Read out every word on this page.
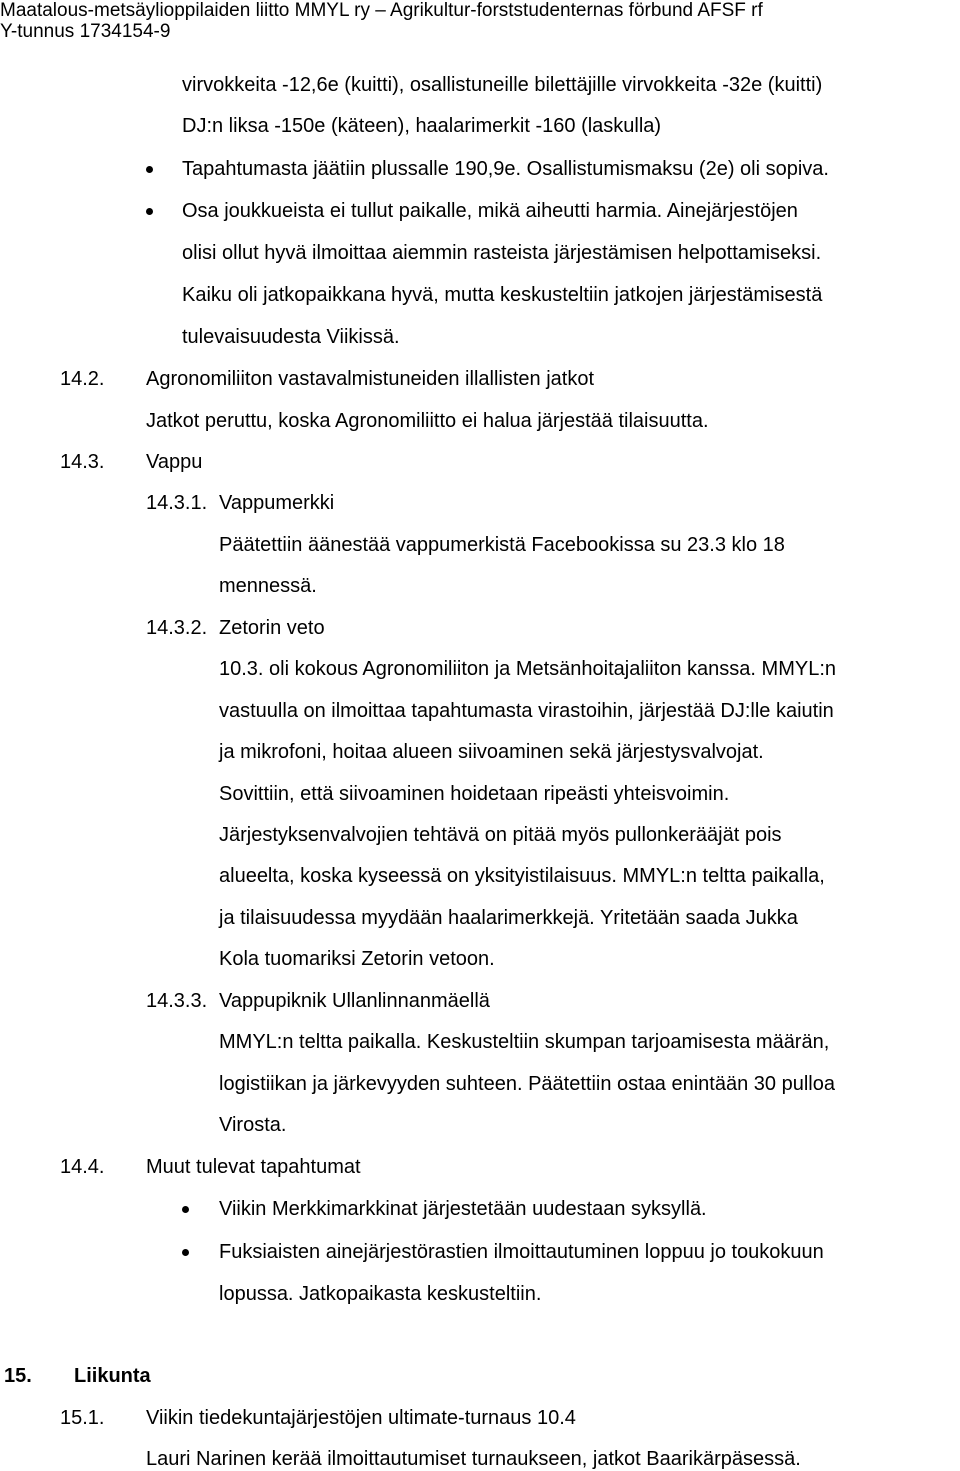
Maatalous-metsäylioppilaiden liitto MMYL ry – Agrikultur-forststudenternas förbund AFSF rf
Y-tunnus 1734154-9
virvokkeita -12,6e (kuitti), osallistuneille bilettäjille virvokkeita -32e (kuitti)
DJ:n liksa -150e (käteen), haalarimerkit -160 (laskulla)
Tapahtumasta jäätiin plussalle 190,9e. Osallistumismaksu (2e) oli sopiva.
Osa joukkueista ei tullut paikalle, mikä aiheutti harmia. Ainejärjestöjen
olisi ollut hyvä ilmoittaa aiemmin rasteista järjestämisen helpottamiseksi.
Kaiku oli jatkopaikkana hyvä, mutta keskusteltiin jatkojen järjestämisestä
tulevaisuudesta Viikissä.
14.2. Agronomiliiton vastavalmistuneiden illallisten jatkot
Jatkot peruttu, koska Agronomiliitto ei halua järjestää tilaisuutta.
14.3. Vappu
14.3.1. Vappumerkki
Päätettiin äänestää vappumerkistä Facebookissa su 23.3 klo 18
mennessä.
14.3.2. Zetorin veto
10.3. oli kokous Agronomiliiton ja Metsänhoitajaliiton kanssa. MMYL:n
vastuulla on ilmoittaa tapahtumasta virastoihin, järjestää DJ:lle kaiutin
ja mikrofoni, hoitaa alueen siivoaminen sekä järjestysvalvojat.
Sovittiin, että siivoaminen hoidetaan ripeästi yhteisvoimin.
Järjestyksenvalvojien tehtävä on pitää myös pullonkerääjät pois
alueelta, koska kyseessä on yksityistilaisuus. MMYL:n teltta paikalla,
ja tilaisuudessa myydään haalarimerkkejä. Yritetään saada Jukka
Kola tuomariksi Zetorin vetoon.
14.3.3. Vappupiknik Ullanlinnanmäellä
MMYL:n teltta paikalla. Keskusteltiin skumpan tarjoamisesta määrän,
logistiikan ja järkevyyden suhteen. Päätettiin ostaa enintään 30 pulloa
Virosta.
14.4. Muut tulevat tapahtumat
Viikin Merkkimarkkinat järjestetään uudestaan syksyllä.
Fuksiaisten ainejärjestörastien ilmoittautuminen loppuu jo toukokuun
lopussa. Jatkopaikasta keskusteltiin.
15. Liikunta
15.1. Viikin tiedekuntajärjestöjen ultimate-turnaus 10.4
Lauri Narinen kerää ilmoittautumiset turnaukseen, jatkot Baarikärpäsessä.
